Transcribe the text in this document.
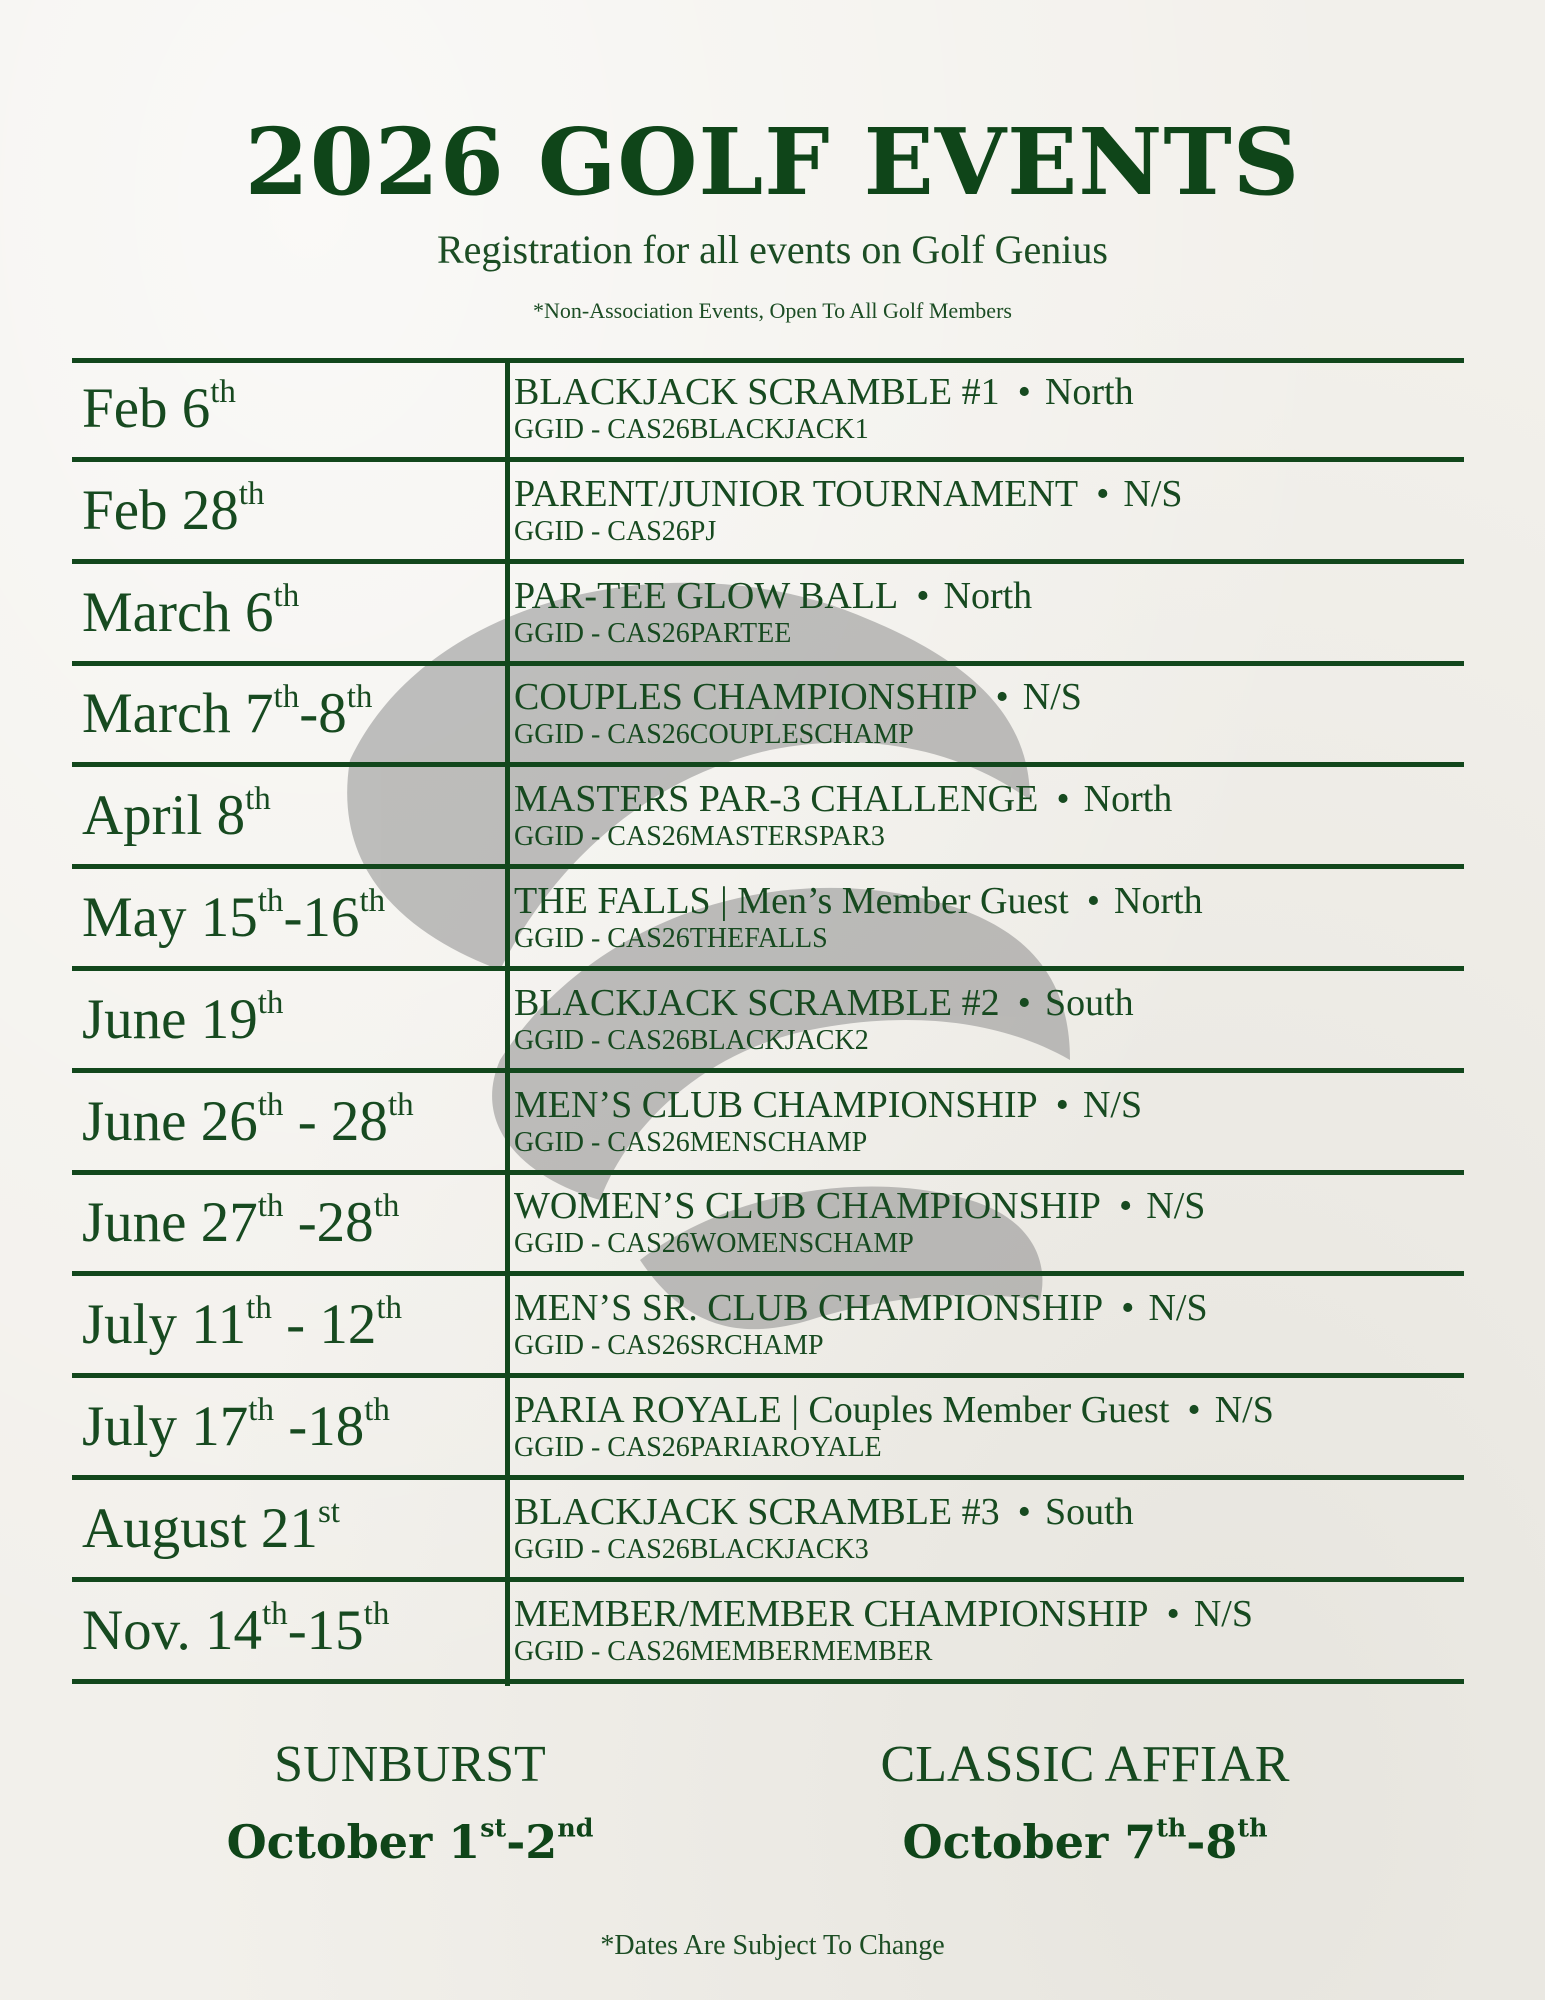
2026 GOLF EVENTS
Registration for all events on Golf Genius
*Non-Association Events, Open To All Golf Members
Feb 6th	BLACKJACK SCRAMBLE #1 • North
GGID - CAS26BLACKJACK1
Feb 28th	PARENT/JUNIOR TOURNAMENT • N/S
GGID - CAS26PJ
March 6th	PAR-TEE GLOW BALL • North
GGID - CAS26PARTEE
March 7th-8th	COUPLES CHAMPIONSHIP • N/S
GGID - CAS26COUPLESCHAMP
April 8th	MASTERS PAR-3 CHALLENGE • North
GGID - CAS26MASTERSPAR3
May 15th-16th	THE FALLS | Men’s Member Guest • North
GGID - CAS26THEFALLS
June 19th	BLACKJACK SCRAMBLE #2 • South
GGID - CAS26BLACKJACK2
June 26th - 28th	MEN’S CLUB CHAMPIONSHIP • N/S
GGID - CAS26MENSCHAMP
June 27th -28th	WOMEN’S CLUB CHAMPIONSHIP • N/S
GGID - CAS26WOMENSCHAMP
July 11th - 12th	MEN’S SR. CLUB CHAMPIONSHIP • N/S
GGID - CAS26SRCHAMP
July 17th -18th	PARIA ROYALE | Couples Member Guest • N/S
GGID - CAS26PARIAROYALE
August 21st	BLACKJACK SCRAMBLE #3 • South
GGID - CAS26BLACKJACK3
Nov. 14th-15th	MEMBER/MEMBER CHAMPIONSHIP • N/S
GGID - CAS26MEMBERMEMBER
SUNBURST
October 1st-2nd
CLASSIC AFFIAR
October 7th-8th
*Dates Are Subject To Change
